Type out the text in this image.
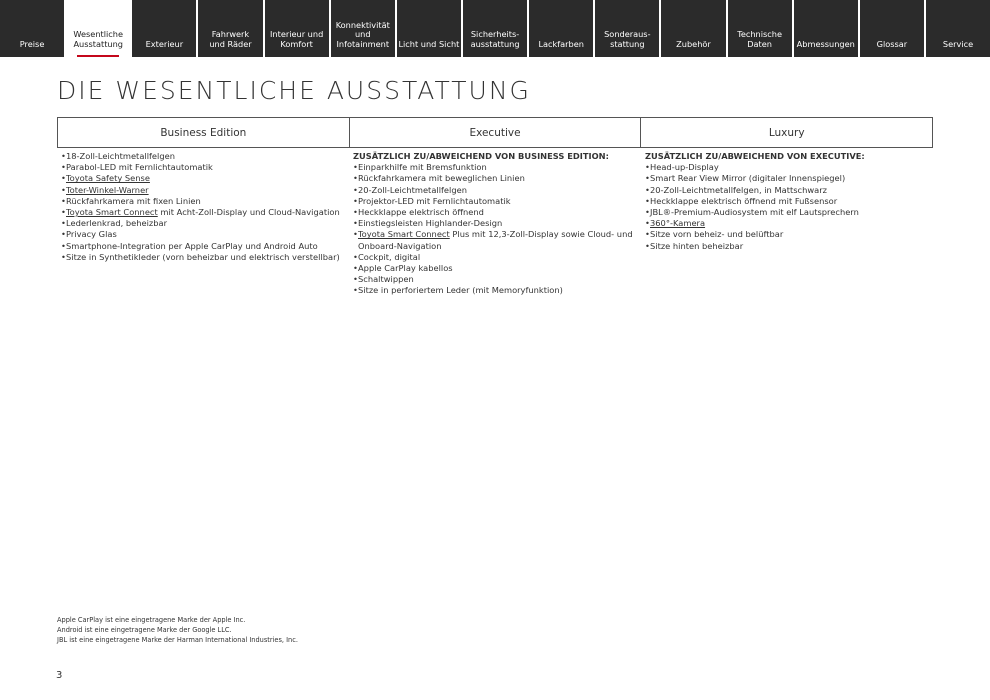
Preise
Wesentliche
Ausstattung	Exterieur
Fahrwerk
und Räder
Interieur und
Komfort
Konnektivität
und
Infotainment	Licht und Sicht
Sicherheits-
ausstattung	Lackfarben
Sonderaus-
stattung	Zubehör
Technische
Daten	Abmessungen	Glossar	Service
DIE WESENTLICHE AUSSTATTUNG
Business Edition	Executive	Luxury
• 18-Zoll-Leichtmetallfelgen
• Parabol-LED mit Fernlichtautomatik
• Toyota Safety Sense
• Toter-Winkel-Warner
• Rückfahrkamera mit fixen Linien
• Toyota Smart Connect mit Acht-Zoll-Display und Cloud-Navigation
• Lederlenkrad, beheizbar
• Privacy Glas
• Smartphone-Integration per Apple CarPlay und Android Auto
• Sitze in Synthetikleder (vorn beheizbar und elektrisch verstellbar)
ZUSÄTZLICH ZU/ABWEICHEND VON BUSINESS EDITION:
• Einparkhilfe mit Bremsfunktion
• Rückfahrkamera mit beweglichen Linien
• 20-Zoll-Leichtmetallfelgen
• Projektor-LED mit Fernlichtautomatik
• Heckklappe elektrisch öffnend
• Einstiegsleisten Highlander-Design
• Toyota Smart Connect Plus mit 12,3-Zoll-Display sowie Cloud- und Onboard-Navigation
• Cockpit, digital
• Apple CarPlay kabellos
• Schaltwippen
• Sitze in perforiertem Leder (mit Memoryfunktion)
ZUSÄTZLICH ZU/ABWEICHEND VON EXECUTIVE:
• Head-up-Display
• Smart Rear View Mirror (digitaler Innenspiegel)
• 20-Zoll-Leichtmetallfelgen, in Mattschwarz
• Heckklappe elektrisch öffnend mit Fußsensor
• JBL®-Premium-Audiosystem mit elf Lautsprechern
• 360°-Kamera
• Sitze vorn beheiz- und belüftbar
• Sitze hinten beheizbar
Apple CarPlay ist eine eingetragene Marke der Apple Inc.
Android ist eine eingetragene Marke der Google LLC.
JBL ist eine eingetragene Marke der Harman International Industries, Inc.
3
